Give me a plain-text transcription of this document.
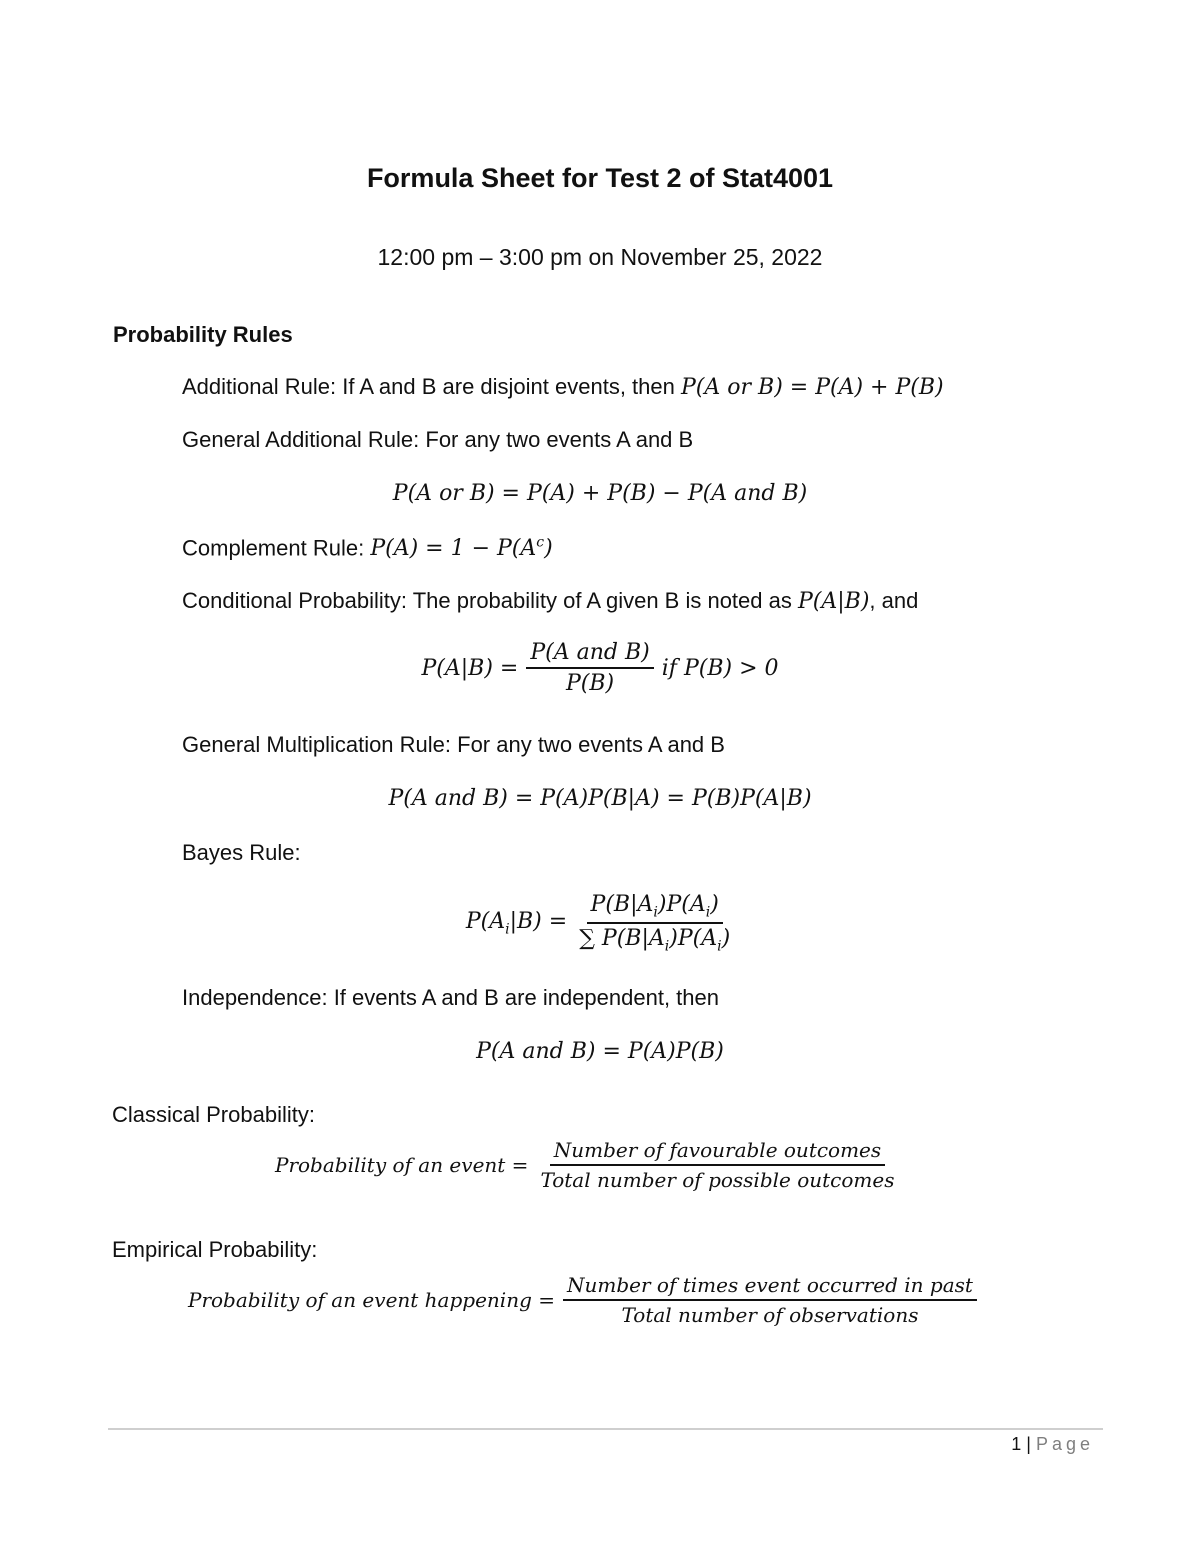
Formula Sheet for Test 2 of Stat4001
12:00 pm – 3:00 pm on November 25, 2022
Probability Rules
Additional Rule: If A and B are disjoint events, then P(A or B) = P(A) + P(B)
General Additional Rule: For any two events A and B
P(A or B) = P(A) + P(B) − P(A and B)
Complement Rule: $P(A) = 1 - P(A^c)$
Conditional Probability: The probability of A given B is noted as P(A|B), and
$P(A|B) = \frac{\text{P(A and B)}}{P(B)}$ if P(B) > 0
General Multiplication Rule: For any two events A and B
P(A and B) = P(A)P(B|A) = P(B)P(A|B)
Bayes Rule:
$P(A_i|B) = \frac{P(B|A_i)P(A_i)}{\sum P(B|A_i)P(A_i)}$
Independence: If events A and B are independent, then
P(A and B) = P(A)P(B)
Classical Probability:
Probability of an event = $\frac{\text{Number of favourable outcomes}}{\text{Total number of possible outcomes}}$
Empirical Probability:
Probability of an event happening = $\frac{\text{Number of times event occurred in past}}{\text{Total number of observations}}$
1 | Page
